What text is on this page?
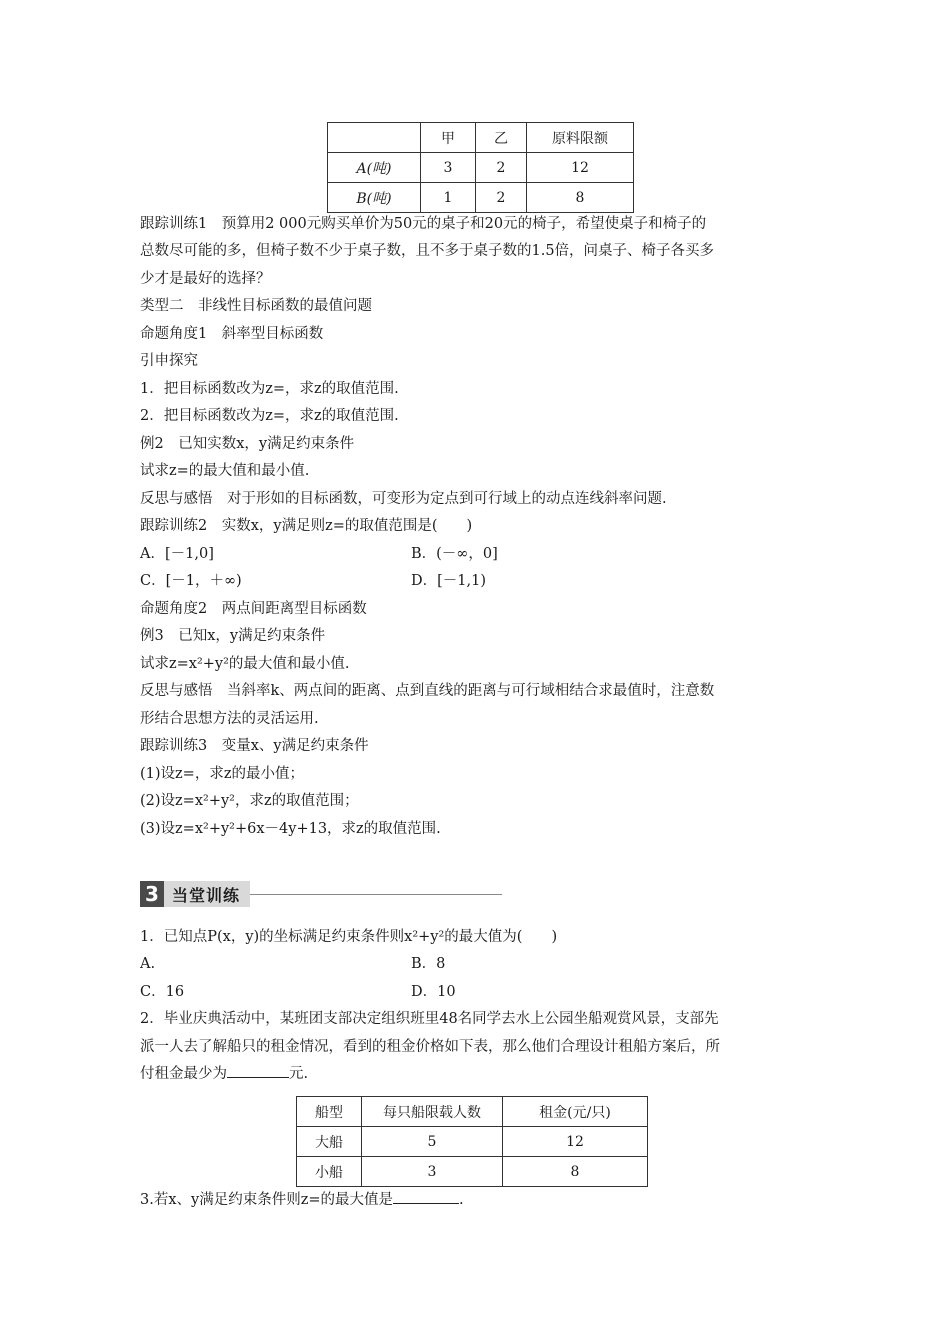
	甲	乙	原料限额
A(吨)	3	2	12
B(吨)	1	2	8
跟踪训练1　预算用2 000元购买单价为50元的桌子和20元的椅子，希望使桌子和椅子的
总数尽可能的多，但椅子数不少于桌子数，且不多于桌子数的1.5倍，问桌子、椅子各买多
少才是最好的选择？
类型二　非线性目标函数的最值问题
命题角度1　斜率型目标函数
引申探究
1．把目标函数改为z=，求z的取值范围.
2．把目标函数改为z=，求z的取值范围.
例2　已知实数x，y满足约束条件
试求z=的最大值和最小值.
反思与感悟　对于形如的目标函数，可变形为定点到可行域上的动点连线斜率问题.
跟踪训练2　实数x，y满足则z=的取值范围是(　　)
A．[－1,0]	B．(－∞，0]
C．[－1，＋∞)	D．[－1,1)
命题角度2　两点间距离型目标函数
例3　已知x，y满足约束条件
试求z=x²+y²的最大值和最小值.
反思与感悟　当斜率k、两点间的距离、点到直线的距离与可行域相结合求最值时，注意数
形结合思想方法的灵活运用.
跟踪训练3　变量x、y满足约束条件
(1)设z=，求z的最小值；
(2)设z=x²+y²，求z的取值范围；
(3)设z=x²+y²+6x－4y+13，求z的取值范围.
3 当堂训练
1．已知点P(x，y)的坐标满足约束条件则x²+y²的最大值为(　　)
A.	B．8
C．16	D．10
2．毕业庆典活动中，某班团支部决定组织班里48名同学去水上公园坐船观赏风景，支部先
派一人去了解船只的租金情况，看到的租金价格如下表，那么他们合理设计租船方案后，所
付租金最少为	元.
船型	每只船限载人数	租金(元/只)
大船	5	12
小船	3	8
3.若x、y满足约束条件则z=的最大值是	.
